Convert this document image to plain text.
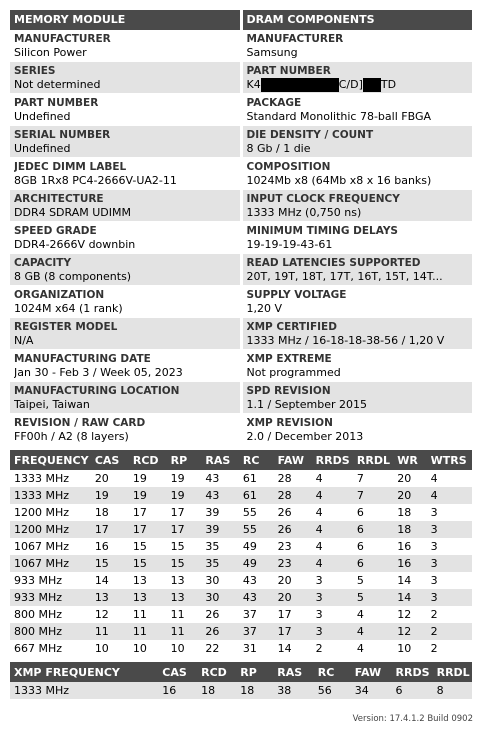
MEMORY MODULE
MANUFACTURER
Silicon Power
SERIES
Not determined
PART NUMBER
Undefined
SERIAL NUMBER
Undefined
JEDEC DIMM LABEL
8GB 1Rx8 PC4-2666V-UA2-11
ARCHITECTURE
DDR4 SDRAM UDIMM
SPEED GRADE
DDR4-2666V downbin
CAPACITY
8 GB (8 components)
ORGANIZATION
1024M x64 (1 rank)
REGISTER MODEL
N/A
MANUFACTURING DATE
Jan 30 - Feb 3 / Week 05, 2023
MANUFACTURING LOCATION
Taipei, Taiwan
REVISION / RAW CARD
FF00h / A2 (8 layers)
DRAM COMPONENTS
MANUFACTURER
Samsung
PART NUMBER
K4	C/D] TD
PACKAGE
Standard Monolithic 78-ball FBGA
DIE DENSITY / COUNT
8 Gb / 1 die
COMPOSITION
1024Mb x8 (64Mb x8 x 16 banks)
INPUT CLOCK FREQUENCY
1333 MHz (0,750 ns)
MINIMUM TIMING DELAYS
19-19-19-43-61
READ LATENCIES SUPPORTED
20T, 19T, 18T, 17T, 16T, 15T, 14T...
SUPPLY VOLTAGE
1,20 V
XMP CERTIFIED
1333 MHz / 16-18-18-38-56 / 1,20 V
XMP EXTREME
Not programmed
SPD REVISION
1.1 / September 2015
XMP REVISION
2.0 / December 2013
FREQUENCY	CAS	RCD	RP	RAS	RC	FAW	RRDS	RRDL	WR	WTRS
1333 MHz	20	19	19	43	61	28	4	7	20	4
1333 MHz	19	19	19	43	61	28	4	7	20	4
1200 MHz	18	17	17	39	55	26	4	6	18	3
1200 MHz	17	17	17	39	55	26	4	6	18	3
1067 MHz	16	15	15	35	49	23	4	6	16	3
1067 MHz	15	15	15	35	49	23	4	6	16	3
933 MHz	14	13	13	30	43	20	3	5	14	3
933 MHz	13	13	13	30	43	20	3	5	14	3
800 MHz	12	11	11	26	37	17	3	4	12	2
800 MHz	11	11	11	26	37	17	3	4	12	2
667 MHz	10	10	10	22	31	14	2	4	10	2
XMP FREQUENCY	CAS	RCD	RP	RAS	RC	FAW	RRDS	RRDL
1333 MHz	16	18	18	38	56	34	6	8
Version: 17.4.1.2 Build 0902
